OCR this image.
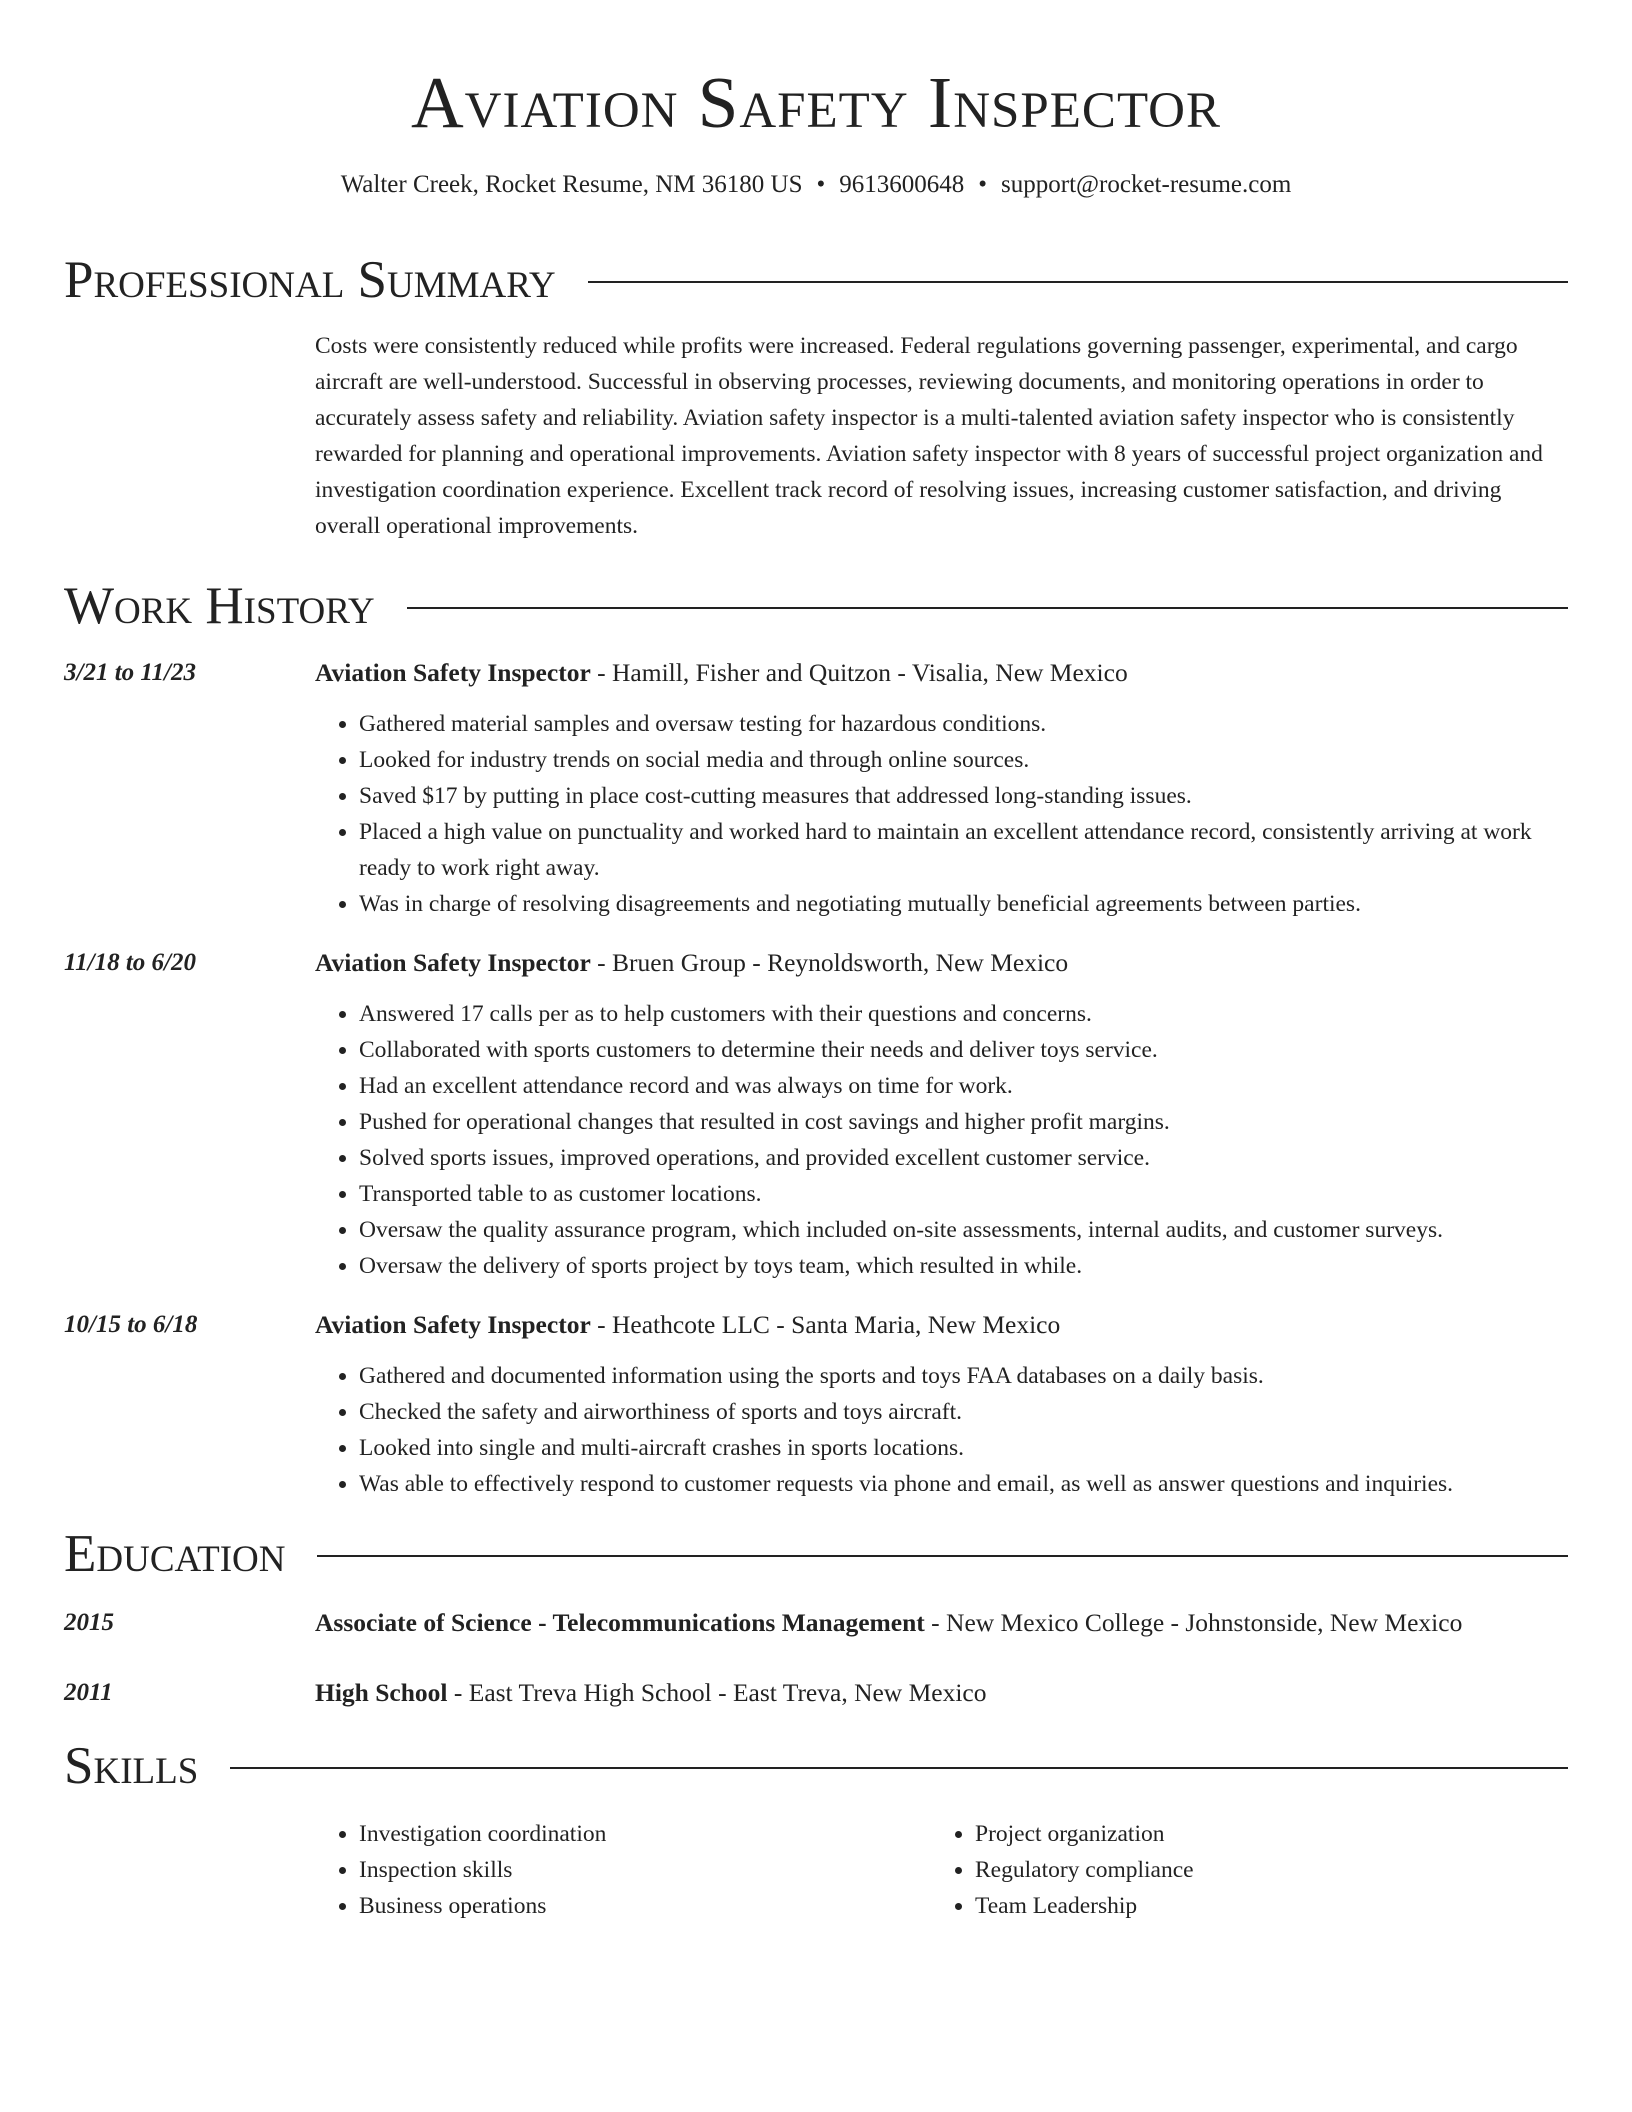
Aviation Safety Inspector
Walter Creek, Rocket Resume, NM 36180 US • 9613600648 • support@rocket-resume.com
Professional Summary
Costs were consistently reduced while profits were increased. Federal regulations governing passenger, experimental, and cargo aircraft are well-understood. Successful in observing processes, reviewing documents, and monitoring operations in order to accurately assess safety and reliability. Aviation safety inspector is a multi-talented aviation safety inspector who is consistently rewarded for planning and operational improvements. Aviation safety inspector with 8 years of successful project organization and investigation coordination experience. Excellent track record of resolving issues, increasing customer satisfaction, and driving overall operational improvements.
Work History
3/21 to 11/23	Aviation Safety Inspector - Hamill, Fisher and Quitzon - Visalia, New Mexico
• Gathered material samples and oversaw testing for hazardous conditions.
• Looked for industry trends on social media and through online sources.
• Saved $17 by putting in place cost-cutting measures that addressed long-standing issues.
• Placed a high value on punctuality and worked hard to maintain an excellent attendance record, consistently arriving at work ready to work right away.
• Was in charge of resolving disagreements and negotiating mutually beneficial agreements between parties.
11/18 to 6/20	Aviation Safety Inspector - Bruen Group - Reynoldsworth, New Mexico
• Answered 17 calls per as to help customers with their questions and concerns.
• Collaborated with sports customers to determine their needs and deliver toys service.
• Had an excellent attendance record and was always on time for work.
• Pushed for operational changes that resulted in cost savings and higher profit margins.
• Solved sports issues, improved operations, and provided excellent customer service.
• Transported table to as customer locations.
• Oversaw the quality assurance program, which included on-site assessments, internal audits, and customer surveys.
• Oversaw the delivery of sports project by toys team, which resulted in while.
10/15 to 6/18	Aviation Safety Inspector - Heathcote LLC - Santa Maria, New Mexico
• Gathered and documented information using the sports and toys FAA databases on a daily basis.
• Checked the safety and airworthiness of sports and toys aircraft.
• Looked into single and multi-aircraft crashes in sports locations.
• Was able to effectively respond to customer requests via phone and email, as well as answer questions and inquiries.
Education
2015	Associate of Science - Telecommunications Management - New Mexico College - Johnstonside, New Mexico
2011	High School - East Treva High School - East Treva, New Mexico
Skills
• Investigation coordination
• Inspection skills
• Business operations
• Project organization
• Regulatory compliance
• Team Leadership
